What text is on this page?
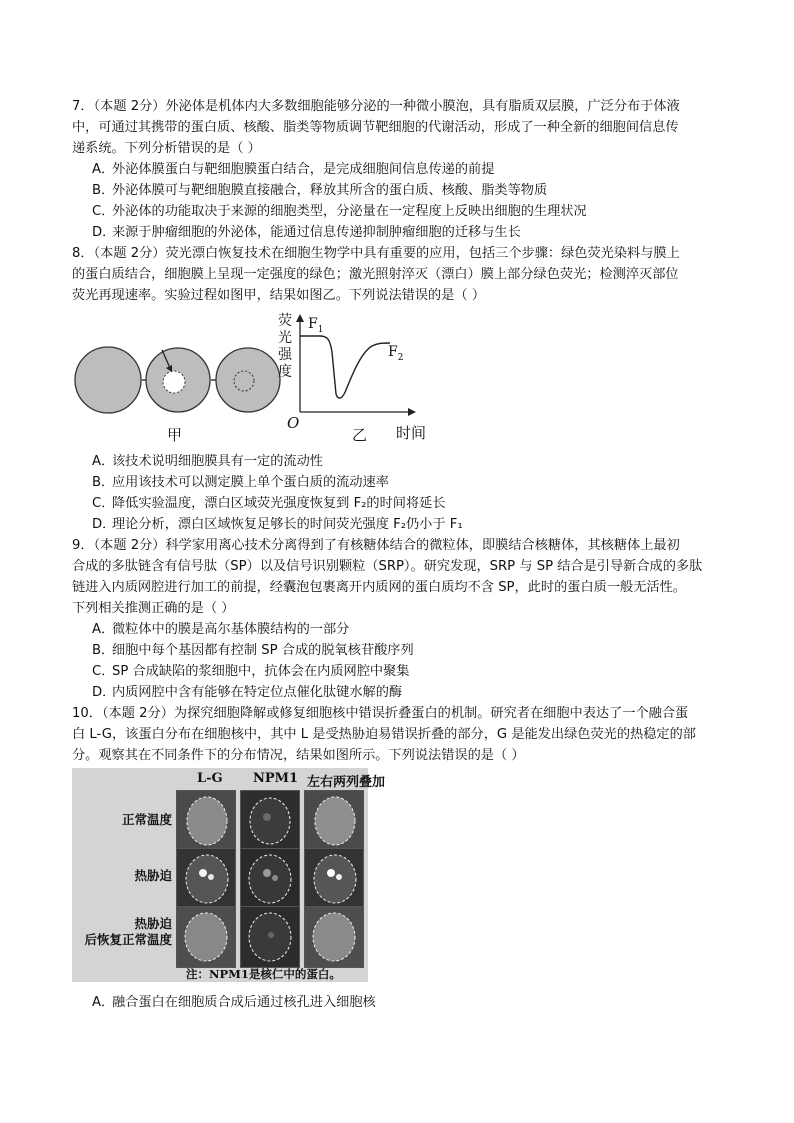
7．（本题 2分）外泌体是机体内大多数细胞能够分泌的一种微小膜泡，具有脂质双层膜，广泛分布于体液
中，可通过其携带的蛋白质、核酸、脂类等物质调节靶细胞的代谢活动，形成了一种全新的细胞间信息传
递系统。下列分析错误的是（ ）
A．外泌体膜蛋白与靶细胞膜蛋白结合，是完成细胞间信息传递的前提
B．外泌体膜可与靶细胞膜直接融合，释放其所含的蛋白质、核酸、脂类等物质
C．外泌体的功能取决于来源的细胞类型，分泌量在一定程度上反映出细胞的生理状况
D．来源于肿瘤细胞的外泌体，能通过信息传递抑制肿瘤细胞的迁移与生长
8．（本题 2分）荧光漂白恢复技术在细胞生物学中具有重要的应用，包括三个步骤：绿色荧光染料与膜上
的蛋白质结合，细胞膜上呈现一定强度的绿色；激光照射淬灭（漂白）膜上部分绿色荧光；检测淬灭部位
荧光再现速率。实验过程如图甲，结果如图乙。下列说法错误的是（ ）
甲
荧
光
强
度
$F_1$
$F_2$
O
乙 时间
A．该技术说明细胞膜具有一定的流动性
B．应用该技术可以测定膜上单个蛋白质的流动速率
C．降低实验温度，漂白区域荧光强度恢复到 F₂的时间将延长
D．理论分析，漂白区域恢复足够长的时间荧光强度 F₂仍小于 F₁
9．（本题 2分）科学家用离心技术分离得到了有核糖体结合的微粒体，即膜结合核糖体，其核糖体上最初
合成的多肽链含有信号肽（SP）以及信号识别颗粒（SRP）。研究发现，SRP 与 SP 结合是引导新合成的多肽
链进入内质网腔进行加工的前提，经囊泡包裹离开内质网的蛋白质均不含 SP，此时的蛋白质一般无活性。
下列相关推测正确的是（ ）
A．微粒体中的膜是高尔基体膜结构的一部分
B．细胞中每个基因都有控制 SP 合成的脱氧核苷酸序列
C．SP 合成缺陷的浆细胞中，抗体会在内质网腔中聚集
D．内质网腔中含有能够在特定位点催化肽键水解的酶
10．（本题 2分）为探究细胞降解或修复细胞核中错误折叠蛋白的机制。研究者在细胞中表达了一个融合蛋
白 L-G，该蛋白分布在细胞核中，其中 L 是受热胁迫易错误折叠的部分，G 是能发出绿色荧光的热稳定的部
分。观察其在不同条件下的分布情况，结果如图所示。下列说法错误的是（ ）
L-G NPM1 左右两列叠加
正常温度
热胁迫
热胁迫
后恢复正常温度
注：NPM1是核仁中的蛋白。
A．融合蛋白在细胞质合成后通过核孔进入细胞核
